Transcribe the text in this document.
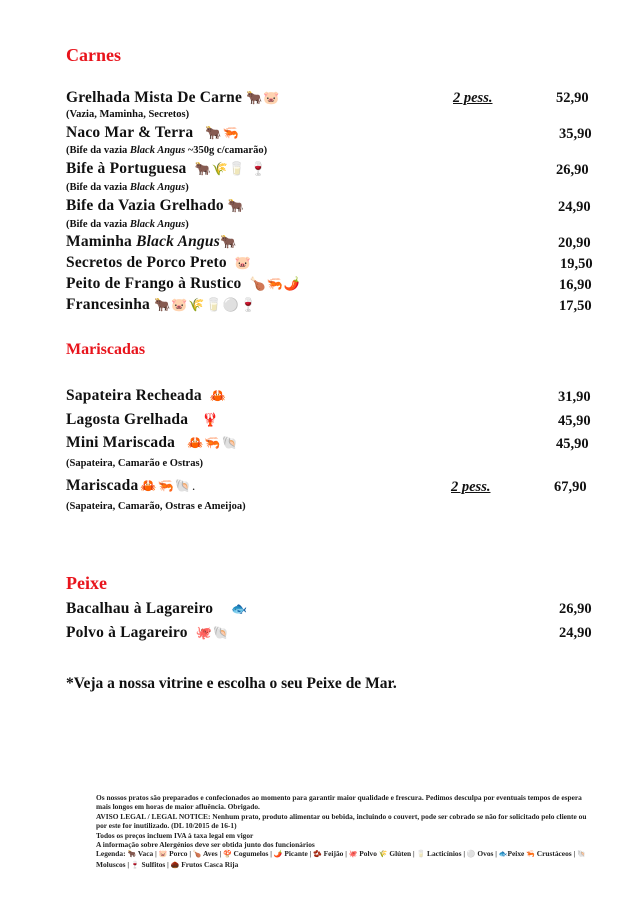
Carnes
Grelhada Mista De Carne 🐂🐷	2 pess.	52,90
(Vazia, Maminha, Secretos)
Naco Mar & Terra 🐂🦐	35,90
(Bife da vazia Black Angus ~350g c/camarão)
Bife à Portuguesa 🐂🌾🥛 🍷	26,90
(Bife da vazia Black Angus)
Bife da Vazia Grelhado 🐂	24,90
(Bife da vazia Black Angus)
Maminha Black Angus🐂	20,90
Secretos de Porco Preto 🐷	19,50
Peito de Frango à Rustico 🍗🦐🌶️	16,90
Francesinha 🐂🐷🌾🥛⚪🍷	17,50
Mariscadas
Sapateira Recheada 🦀	31,90
Lagosta Grelhada 🦞	45,90
Mini Mariscada 🦀🦐🐚	45,90
(Sapateira, Camarão e Ostras)
Mariscada 🦀🦐🐚.	2 pess.	67,90
(Sapateira, Camarão, Ostras e Ameijoa)
Peixe
Bacalhau à Lagareiro 🐟	26,90
Polvo à Lagareiro 🐙🐚	24,90
*Veja a nossa vitrine e escolha o seu Peixe de Mar.

Os nossos pratos são preparados e confecionados ao momento para garantir maior qualidade e frescura. Pedimos desculpa por eventuais tempos de espera mais longos em horas de maior afluência. Obrigado.

AVISO LEGAL / LEGAL NOTICE: Nenhum prato, produto alimentar ou bebida, incluindo o couvert, pode ser cobrado se não for solicitado pelo cliente ou por este for inutilizado. (DL 10/2015 de 16-1)

Todos os preços incluem IVA à taxa legal em vigor

A informação sobre Alergénios deve ser obtida junto dos funcionários

Legenda: 🐂 Vaca | 🐷 Porco | 🍗 Aves | 🍄 Cogumelos | 🌶️ Picante | 🫘 Feijão | 🐙 Polvo 🌾 Glúten | 🥛 Lacticínios | ⚪ Ovos | 🐟Peixe 🦐 Crustáceos | 🐚 Moluscos | 🍷 Sulfitos | 🌰 Frutos Casca Rija
